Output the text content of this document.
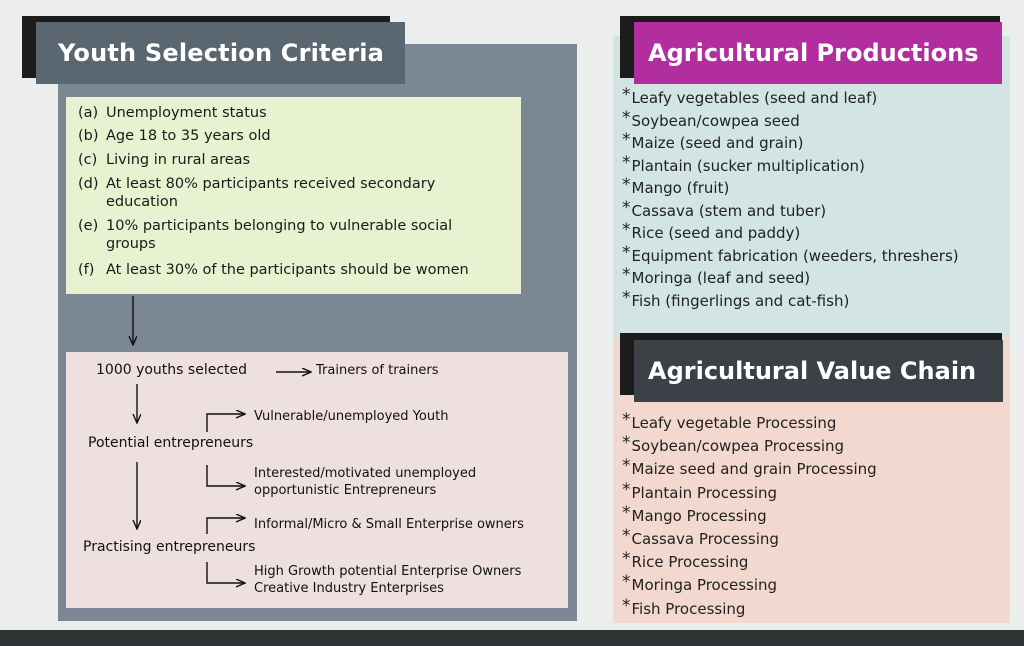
Youth Selection Criteria
(a) Unemployment status
(b) Age 18 to 35 years old
(c) Living in rural areas
(d) At least 80% participants received secondary
education
(e) 10% participants belonging to vulnerable social
groups
(f) At least 30% of the participants should be women
1000 youths selected	Trainers of trainers
Potential entrepreneurs
Vulnerable/unemployed Youth
Interested/motivated unemployed opportunistic Entrepreneurs
Practising entrepreneurs
Informal/Micro & Small Enterprise owners
High Growth potential Enterprise Owners Creative Industry Enterprises
Agricultural Productions
Agricultural Value Chain
*Leafy vegetables (seed and leaf)
*Soybean/cowpea seed
*Maize (seed and grain)
*Plantain (sucker multiplication)
*Mango (fruit)
*Cassava (stem and tuber)
*Rice (seed and paddy)
*Equipment fabrication (weeders, threshers)
*Moringa (leaf and seed)
*Fish (fingerlings and cat-fish)
*Leafy vegetable Processing
*Soybean/cowpea Processing
*Maize seed and grain Processing
*Plantain Processing
*Mango Processing
*Cassava Processing
*Rice Processing
*Moringa Processing
*Fish Processing
